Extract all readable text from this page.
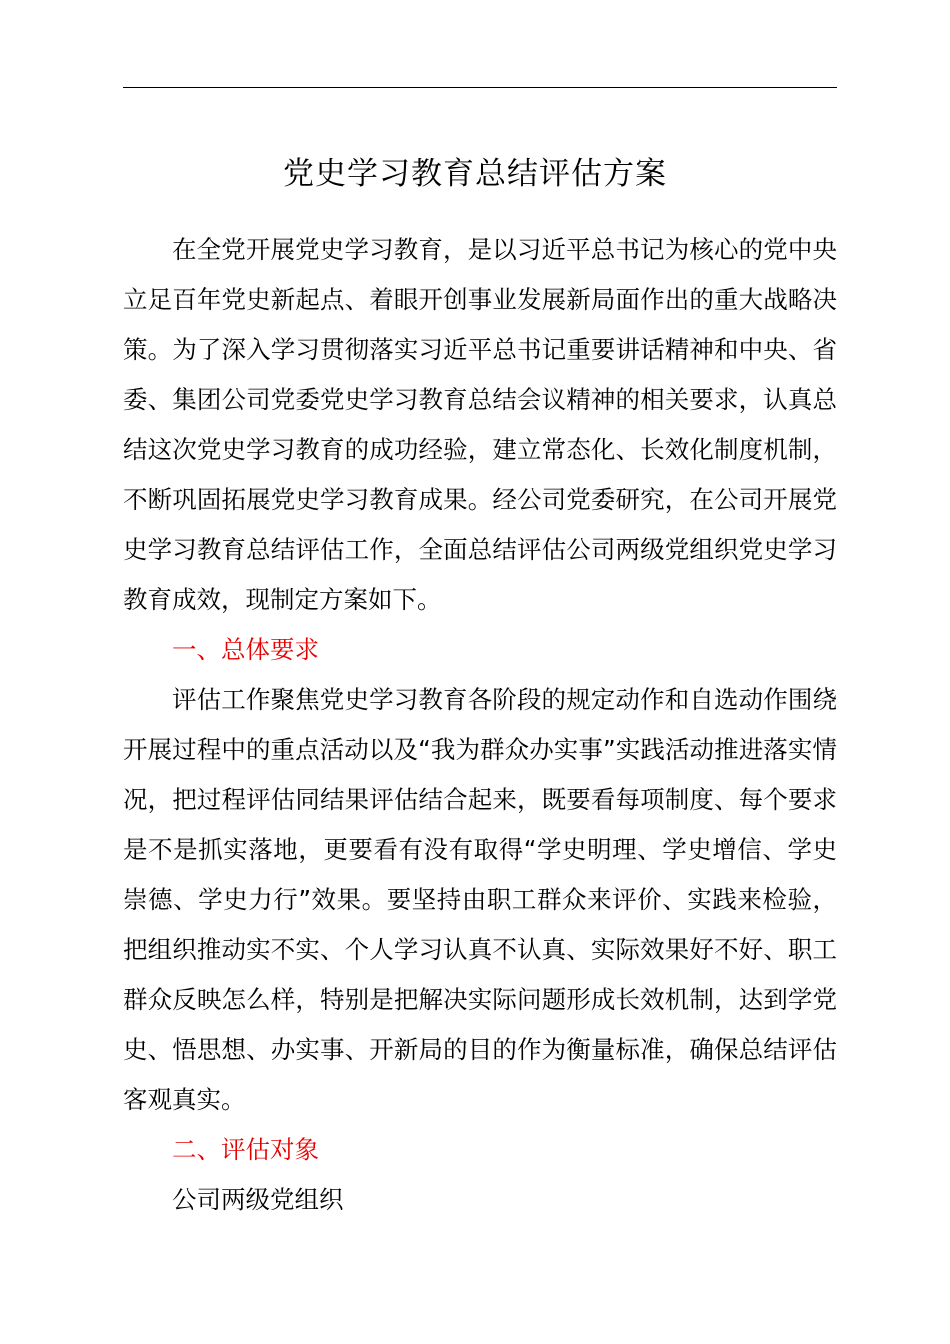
党史学习教育总结评估方案

在全党开展党史学习教育，是以习近平总书记为核心的党中央立足百年党史新起点、着眼开创事业发展新局面作出的重大战略决策。为了深入学习贯彻落实习近平总书记重要讲话精神和中央、省委、集团公司党委党史学习教育总结会议精神的相关要求，认真总结这次党史学习教育的成功经验，建立常态化、长效化制度机制，不断巩固拓展党史学习教育成果。经公司党委研究，在公司开展党史学习教育总结评估工作，全面总结评估公司两级党组织党史学习教育成效，现制定方案如下。

一、总体要求

评估工作聚焦党史学习教育各阶段的规定动作和自选动作围绕开展过程中的重点活动以及“我为群众办实事”实践活动推进落实情况，把过程评估同结果评估结合起来，既要看每项制度、每个要求是不是抓实落地，更要看有没有取得“学史明理、学史增信、学史崇德、学史力行”效果。要坚持由职工群众来评价、实践来检验，把组织推动实不实、个人学习认真不认真、实际效果好不好、职工群众反映怎么样，特别是把解决实际问题形成长效机制，达到学党史、悟思想、办实事、开新局的目的作为衡量标准，确保总结评估客观真实。

二、评估对象

公司两级党组织
